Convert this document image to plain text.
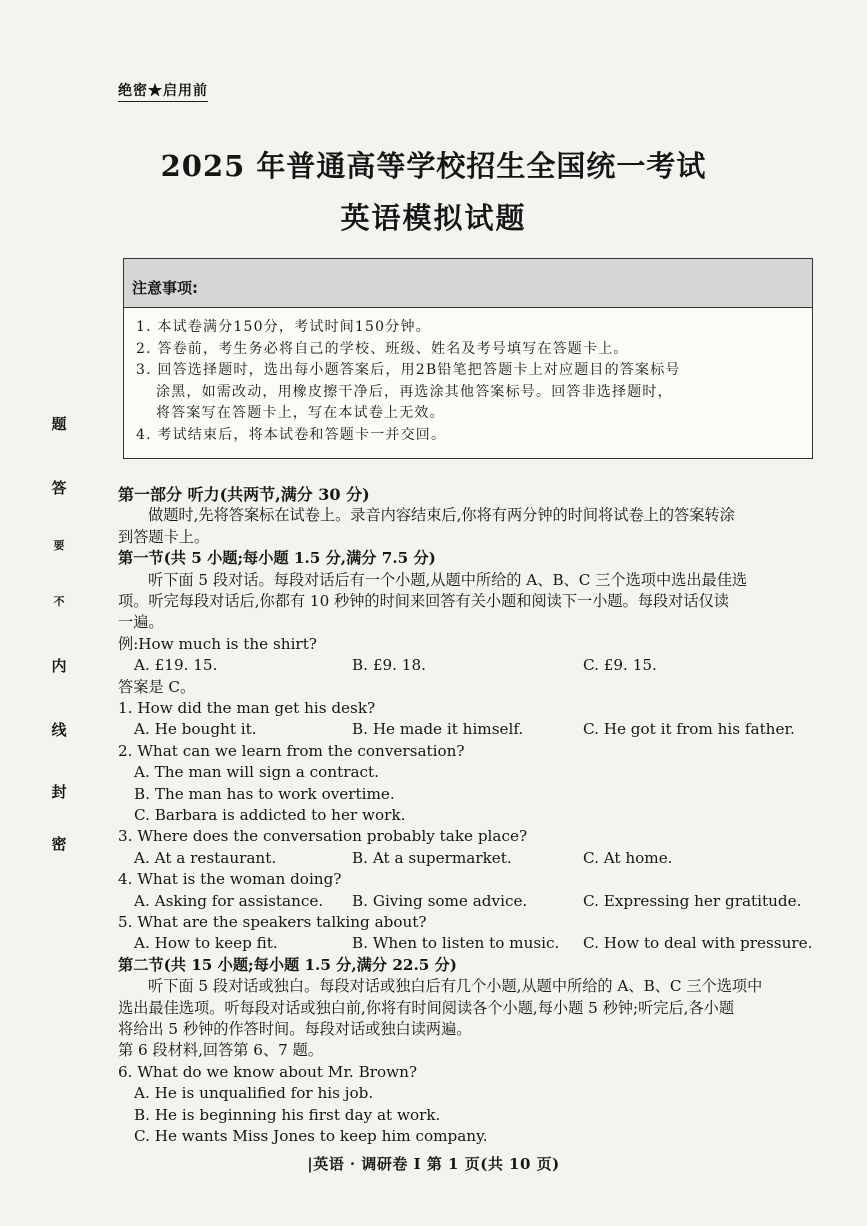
绝密★启用前
2025 年普通高等学校招生全国统一考试
英语模拟试题
注意事项:

1. 本试卷满分150分，考试时间150分钟。

2. 答卷前，考生务必将自己的学校、班级、姓名及考号填写在答题卡上。

3. 回答选择题时，选出每小题答案后，用2B铅笔把答题卡上对应题目的答案标号

涂黑，如需改动，用橡皮擦干净后，再选涂其他答案标号。回答非选择题时，

将答案写在答题卡上，写在本试卷上无效。

4. 考试结束后，将本试卷和答题卡一并交回。

题
答
要
不
内
线
封
密

第一部分 听力(共两节,满分 30 分)

做题时,先将答案标在试卷上。录音内容结束后,你将有两分钟的时间将试卷上的答案转涂

到答题卡上。

第一节(共 5 小题;每小题 1.5 分,满分 7.5 分)

听下面 5 段对话。每段对话后有一个小题,从题中所给的 A、B、C 三个选项中选出最佳选

项。听完每段对话后,你都有 10 秒钟的时间来回答有关小题和阅读下一小题。每段对话仅读

一遍。

例:How much is the shirt?

A. £19. 15.	B. £9. 18.	C. £9. 15.

答案是 C。

1. How did the man get his desk?

A. He bought it.	B. He made it himself.	C. He got it from his father.

2. What can we learn from the conversation?

A. The man will sign a contract.

B. The man has to work overtime.

C. Barbara is addicted to her work.

3. Where does the conversation probably take place?

A. At a restaurant.	B. At a supermarket.	C. At home.

4. What is the woman doing?

A. Asking for assistance. B. Giving some advice.	C. Expressing her gratitude.

5. What are the speakers talking about?

A. How to keep fit.	B. When to listen to music. C. How to deal with pressure.

第二节(共 15 小题;每小题 1.5 分,满分 22.5 分)

听下面 5 段对话或独白。每段对话或独白后有几个小题,从题中所给的 A、B、C 三个选项中

选出最佳选项。听每段对话或独白前,你将有时间阅读各个小题,每小题 5 秒钟;听完后,各小题

将给出 5 秒钟的作答时间。每段对话或独白读两遍。

第 6 段材料,回答第 6、7 题。

6. What do we know about Mr. Brown?

A. He is unqualified for his job.

B. He is beginning his first day at work.

C. He wants Miss Jones to keep him company.

|英语 · 调研卷 I 第 1 页(共 10 页)
